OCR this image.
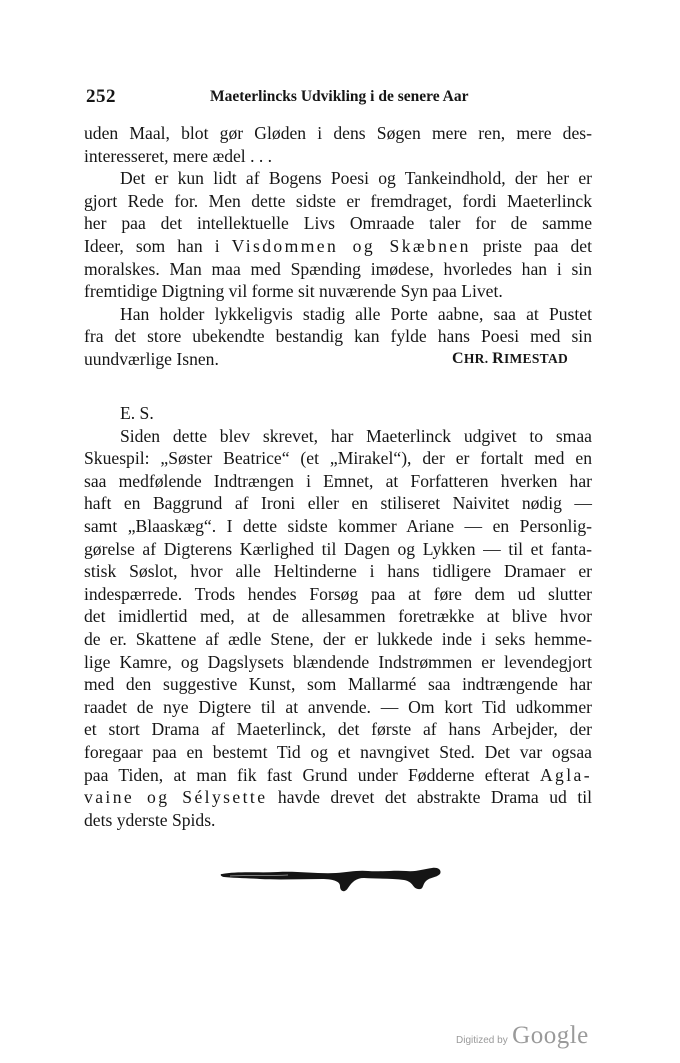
252	Maeterlincks Udvikling i de senere Aar
uden Maal, blot gør Gløden i dens Søgen mere ren, mere des-
interesseret, mere ædel . . .
Det er kun lidt af Bogens Poesi og Tankeindhold, der her er
gjort Rede for. Men dette sidste er fremdraget, fordi Maeterlinck
her paa det intellektuelle Livs Omraade taler for de samme
Ideer, som han i Visdommen og Skæbnen priste paa det
moralskes. Man maa med Spænding imødese, hvorledes han i sin
fremtidige Digtning vil forme sit nuværende Syn paa Livet.
Han holder lykkeligvis stadig alle Porte aabne, saa at Pustet
fra det store ubekendte bestandig kan fylde hans Poesi med sin
uundværlige Isnen.	CHR. RIMESTAD
E. S.
Siden dette blev skrevet, har Maeterlinck udgivet to smaa
Skuespil: „Søster Beatrice“ (et „Mirakel“), der er fortalt med en
saa medfølende Indtrængen i Emnet, at Forfatteren hverken har
haft en Baggrund af Ironi eller en stiliseret Naivitet nødig —
samt „Blaaskæg“. I dette sidste kommer Ariane — en Personlig-
gørelse af Digterens Kærlighed til Dagen og Lykken — til et fanta-
stisk Søslot, hvor alle Heltinderne i hans tidligere Dramaer er
indespærrede. Trods hendes Forsøg paa at føre dem ud slutter
det imidlertid med, at de allesammen foretrække at blive hvor
de er. Skattene af ædle Stene, der er lukkede inde i seks hemme-
lige Kamre, og Dagslysets blændende Indstrømmen er levendegjort
med den suggestive Kunst, som Mallarmé saa indtrængende har
raadet de nye Digtere til at anvende. — Om kort Tid udkommer
et stort Drama af Maeterlinck, det første af hans Arbejder, der
foregaar paa en bestemt Tid og et navngivet Sted. Det var ogsaa
paa Tiden, at man fik fast Grund under Fødderne efterat Agla-
vaine og Sélysette havde drevet det abstrakte Drama ud til
dets yderste Spids.
Digitized by Google
